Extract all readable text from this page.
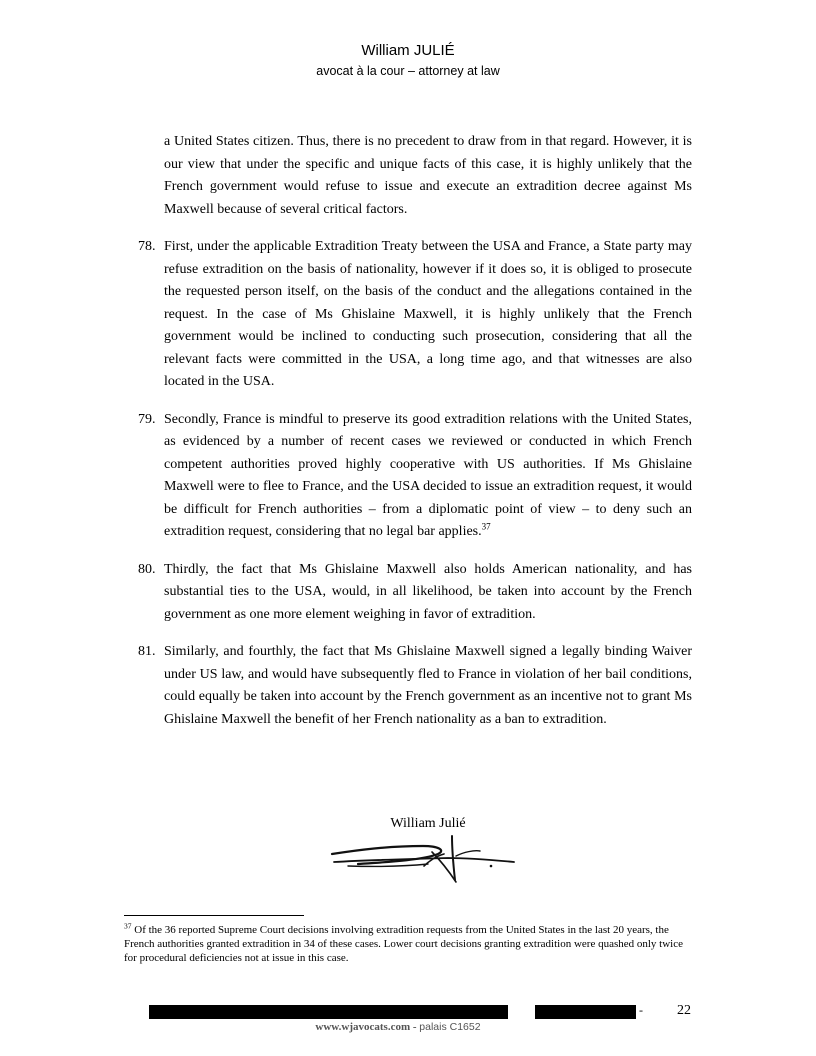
William JULIÉ
avocat à la cour – attorney at law
a United States citizen. Thus, there is no precedent to draw from in that regard. However, it is our view that under the specific and unique facts of this case, it is highly unlikely that the French government would refuse to issue and execute an extradition decree against Ms Maxwell because of several critical factors.
78. First, under the applicable Extradition Treaty between the USA and France, a State party may refuse extradition on the basis of nationality, however if it does so, it is obliged to prosecute the requested person itself, on the basis of the conduct and the allegations contained in the request. In the case of Ms Ghislaine Maxwell, it is highly unlikely that the French government would be inclined to conducting such prosecution, considering that all the relevant facts were committed in the USA, a long time ago, and that witnesses are also located in the USA.
79. Secondly, France is mindful to preserve its good extradition relations with the United States, as evidenced by a number of recent cases we reviewed or conducted in which French competent authorities proved highly cooperative with US authorities. If Ms Ghislaine Maxwell were to flee to France, and the USA decided to issue an extradition request, it would be difficult for French authorities – from a diplomatic point of view – to deny such an extradition request, considering that no legal bar applies.$^{37}$
80. Thirdly, the fact that Ms Ghislaine Maxwell also holds American nationality, and has substantial ties to the USA, would, in all likelihood, be taken into account by the French government as one more element weighing in favor of extradition.
81. Similarly, and fourthly, the fact that Ms Ghislaine Maxwell signed a legally binding Waiver under US law, and would have subsequently fled to France in violation of her bail conditions, could equally be taken into account by the French government as an incentive not to grant Ms Ghislaine Maxwell the benefit of her French nationality as a ban to extradition.
William Julié
$^{37}$ Of the 36 reported Supreme Court decisions involving extradition requests from the United States in the last 20 years, the French authorities granted extradition in 34 of these cases. Lower court decisions granting extradition were quashed only twice for procedural deficiencies not at issue in this case.
- 22
www.wjavocats.com - palais C1652
